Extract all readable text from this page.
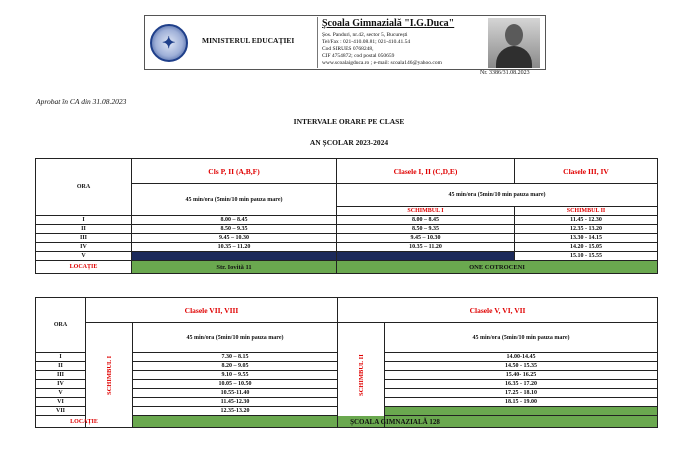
✦	MINISTERUL EDUCAȚIEI
Școala Gimnazială "I.G.Duca"
Șos. Panduri, nr.42, sector 5, București
Tel/Fax : 021-410.08.81; 021-410.41.54
Cod SIRUES 0768248,
CIF 4754872; cod postal 050659
www.scoalaigduca.ro ; e-mail: scoala146@yahoo.com
Nr. 3386/31.08.2023
Aprobat în CA din 31.08.2023
INTERVALE ORARE PE CLASE
AN ȘCOLAR 2023-2024
ORA	Cls P, II (A,B,F)	Clasele I, II (C,D,E)	Clasele III, IV
	45 min/ora (5min/10 min pauza mare)	45 min/ora (5min/10 min pauza mare)	
		SCHIMBUL I	SCHIMBUL II
I	8.00 – 8.45	8.00 – 8.45	11.45 - 12.30
II	8.50 – 9.35	8.50 – 9.35	12.35 - 13.20
III	9.45 – 10.30	9.45 – 10.30	13.30 - 14.15
IV	10.35 – 11.20	10.35 – 11.20	14.20 - 15.05
V			15.10 - 15.55
LOCAȚIE	Str. Iovită 11	ONE COTROCENI	
ORA	Clasele VII, VIII		Clasele V, VI, VII	
	SCHIMBUL I	45 min/ora (5min/10 min pauza mare)	SCHIMBUL II	45 min/ora (5min/10 min pauza mare)
I		7.30 – 8.15		14.00-14.45
II		8.20 – 9.05		14.50 - 15.35
III		9.10 – 9.55		15.40- 16.25
IV		10.05 – 10.50		16.35 - 17.20
V		10.55-11.40		17.25 - 18.10
VI		11.45-12.30		18.15 - 19.00
VII		12.35-13.20		
LOCAȚIE		ȘCOALA GIMNAZIALĂ 128		
